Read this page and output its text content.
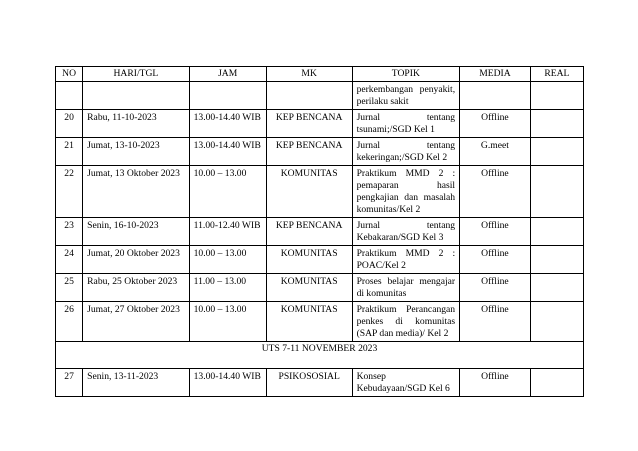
NO	HARI/TGL	JAM	MK	TOPIK	MEDIA	REAL
				perkembangan penyakit, perilaku sakit		
20	Rabu, 11-10-2023	13.00-14.40 WIB	KEP BENCANA	Jurnal tentang tsunami;/SGD Kel 1	Offline	
21	Jumat, 13-10-2023	13.00-14.40 WIB	KEP BENCANA	Jurnal tentang kekeringan;/SGD Kel 2	G.meet	
22	Jumat, 13 Oktober 2023	10.00 – 13.00	KOMUNITAS	Praktikum MMD 2 : pemaparan hasil pengkajian dan masalah komunitas/Kel 2	Offline	
23	Senin, 16-10-2023	11.00-12.40 WIB	KEP BENCANA	Jurnal tentang Kebakaran/SGD Kel 3	Offline	
24	Jumat, 20 Oktober 2023	10.00 – 13.00	KOMUNITAS	Praktikum MMD 2 : POAC/Kel 2	Offline	
25	Rabu, 25 Oktober 2023	11.00 – 13.00	KOMUNITAS	Proses belajar mengajar di komunitas	Offline	
26	Jumat, 27 Oktober 2023	10.00 – 13.00	KOMUNITAS	Praktikum Perancangan penkes di komunitas (SAP dan media)/ Kel 2	Offline	
UTS 7-11 NOVEMBER 2023						
27	Senin, 13-11-2023	13.00-14.40 WIB	PSIKOSOSIAL	Konsep Kebudayaan/SGD Kel 6	Offline	
